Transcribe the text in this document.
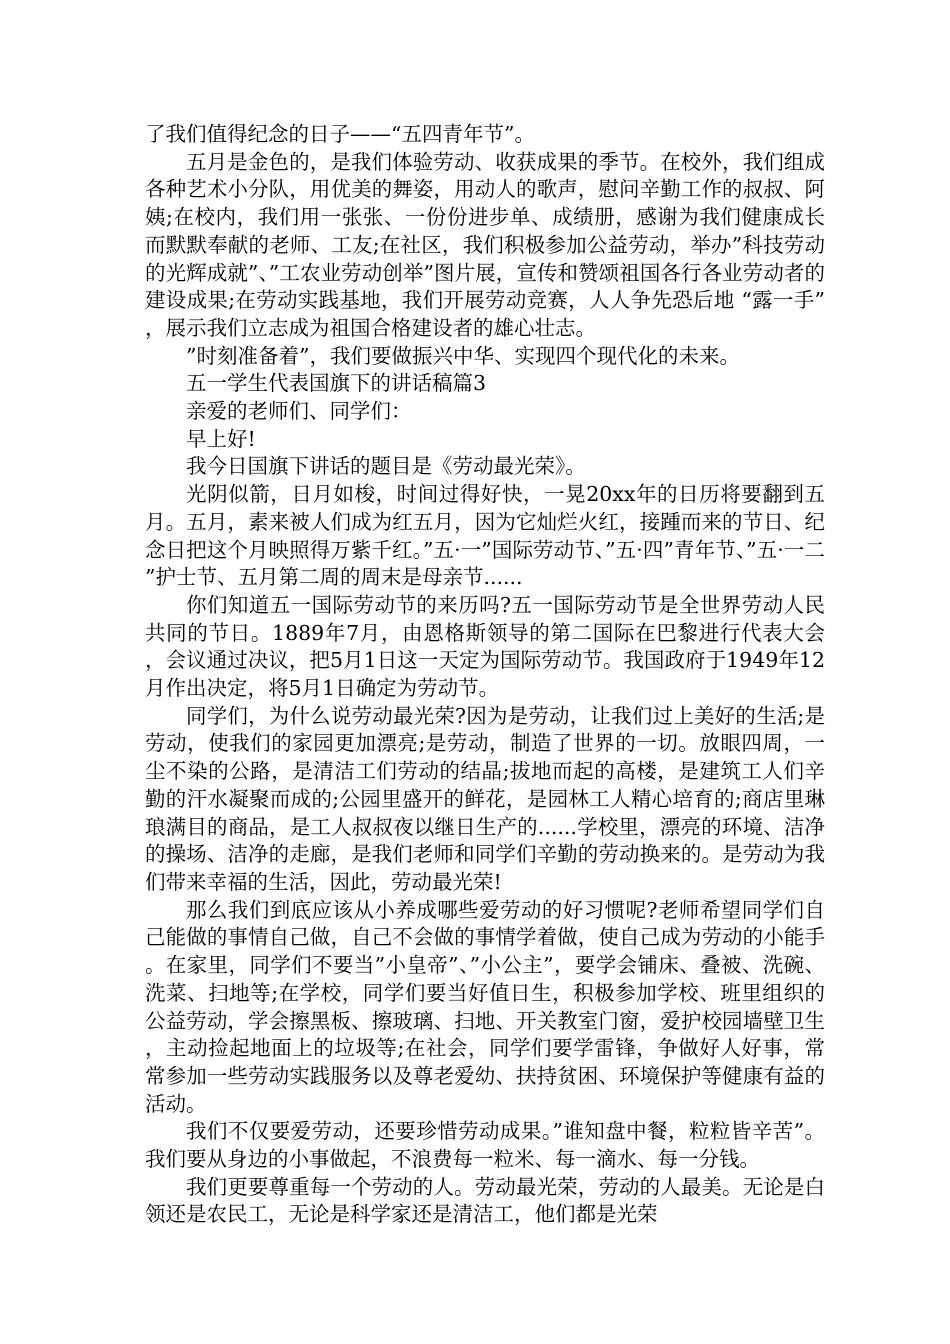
了我们值得纪念的日子——“五四青年节”。

五月是金色的，是我们体验劳动、收获成果的季节。在校外，我们组成各种艺术小分队，用优美的舞姿，用动人的歌声，慰问辛勤工作的叔叔、阿姨;在校内，我们用一张张、一份份进步单、成绩册，感谢为我们健康成长而默默奉献的老师、工友;在社区，我们积极参加公益劳动，举办”科技劳动的光辉成就”、”工农业劳动创举”图片展，宣传和赞颂祖国各行各业劳动者的建设成果;在劳动实践基地，我们开展劳动竞赛，人人争先恐后地 “露一手”，展示我们立志成为祖国合格建设者的雄心壮志。

”时刻准备着”，我们要做振兴中华、实现四个现代化的未来。

五一学生代表国旗下的讲话稿篇3

亲爱的老师们、同学们：

早上好!

我今日国旗下讲话的题目是《劳动最光荣》。

光阴似箭，日月如梭，时间过得好快，一晃20xx年的日历将要翻到五月。五月，素来被人们成为红五月，因为它灿烂火红，接踵而来的节日、纪念日把这个月映照得万紫千红。”五·一”国际劳动节、”五·四”青年节、”五·一二”护士节、五月第二周的周末是母亲节......

你们知道五一国际劳动节的来历吗?五一国际劳动节是全世界劳动人民共同的节日。1889年7月，由恩格斯领导的第二国际在巴黎进行代表大会，会议通过决议，把5月1日这一天定为国际劳动节。我国政府于1949年12月作出决定，将5月1日确定为劳动节。

同学们，为什么说劳动最光荣?因为是劳动，让我们过上美好的生活;是劳动，使我们的家园更加漂亮;是劳动，制造了世界的一切。放眼四周，一尘不染的公路，是清洁工们劳动的结晶;拔地而起的高楼，是建筑工人们辛勤的汗水凝聚而成的;公园里盛开的鲜花，是园林工人精心培育的;商店里琳琅满目的商品，是工人叔叔夜以继日生产的......学校里，漂亮的环境、洁净的操场、洁净的走廊，是我们老师和同学们辛勤的劳动换来的。是劳动为我们带来幸福的生活，因此，劳动最光荣!

那么我们到底应该从小养成哪些爱劳动的好习惯呢?老师希望同学们自己能做的事情自己做，自己不会做的事情学着做，使自己成为劳动的小能手。在家里，同学们不要当”小皇帝”、”小公主”，要学会铺床、叠被、洗碗、洗菜、扫地等;在学校，同学们要当好值日生，积极参加学校、班里组织的公益劳动，学会擦黑板、擦玻璃、扫地、开关教室门窗，爱护校园墙壁卫生，主动捡起地面上的垃圾等;在社会，同学们要学雷锋，争做好人好事，常常参加一些劳动实践服务以及尊老爱幼、扶持贫困、环境保护等健康有益的活动。

我们不仅要爱劳动，还要珍惜劳动成果。”谁知盘中餐，粒粒皆辛苦”。我们要从身边的小事做起，不浪费每一粒米、每一滴水、每一分钱。

我们更要尊重每一个劳动的人。劳动最光荣，劳动的人最美。无论是白领还是农民工，无论是科学家还是清洁工，他们都是光荣
